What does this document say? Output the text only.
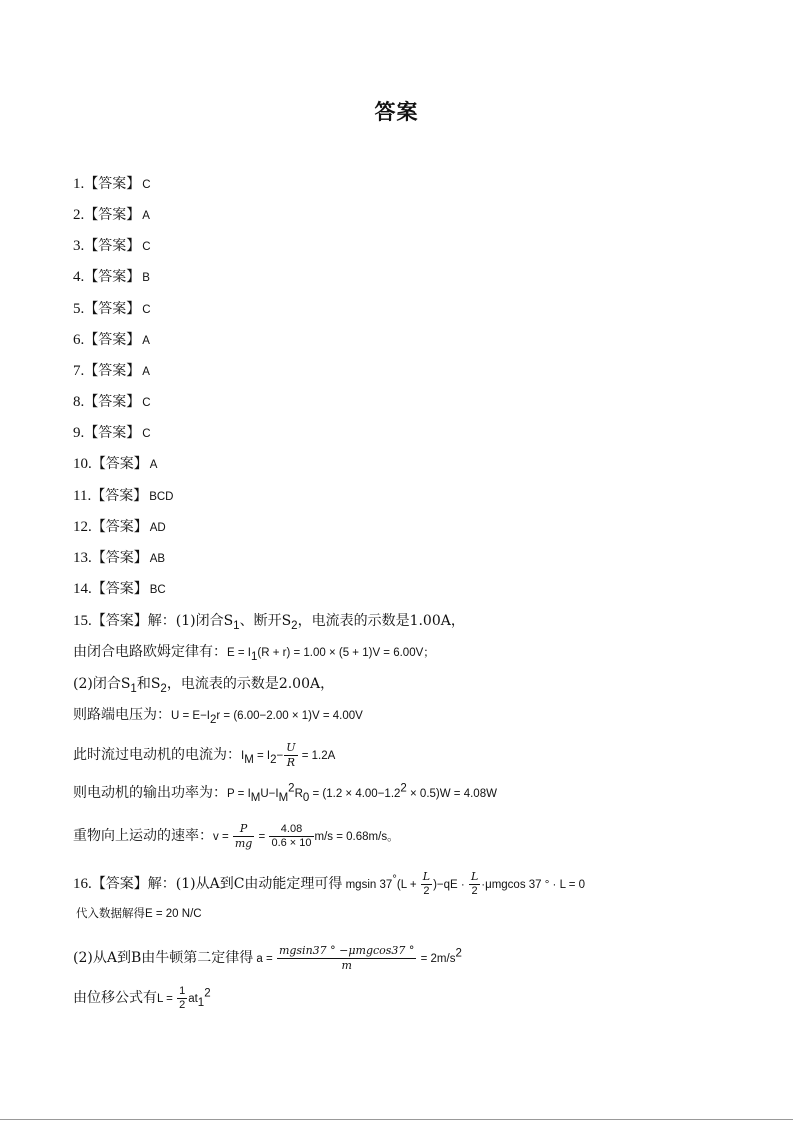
答案
1.【答案】 C
2.【答案】 A
3.【答案】 C
4.【答案】 B
5.【答案】 C
6.【答案】 A
7.【答案】 A
8.【答案】 C
9.【答案】 C
10.【答案】 A
11.【答案】 BCD
12.【答案】 AD
13.【答案】 AB
14.【答案】 BC
15.【答案】解：(1)闭合$S_1$、断开$S_2$，电流表的示数是1.00A，
由闭合电路欧姆定律有：$E = I_1(R + r) = 1.00 \times (5 + 1)V = 6.00V$；
(2)闭合$S_1$和$S_2$，电流表的示数是2.00A，
则路端电压为：$U = E-I_2r = (6.00-2.00 \times 1)V = 4.00V$
此时流过电动机的电流为：$I_M = I_2- \frac{U}{R} = 1.2A$
则电动机的输出功率为：$P = I_MU-I_M^2R_0 = (1.2 \times 4.00-1.2^2 \times 0.5)W = 4.08W$
重物向上运动的速率：$v = \frac{P}{mg} = \frac{4.08}{0.6 \times 10} m/s = 0.68m/s$。
16.【答案】解：(1)从A到C由动能定理可得 mgsin $37^\circ(L + \frac{L}{2} )-qE \cdot \frac{L}{2} \cdot\mu mgcos$ 37 ° · L = 0
代入数据解得E = 20 N/C
(2)从A到B由牛顿第二定律得 $a = \frac{\text{mgsin37 ° −μmgcos37 °}}{m} = 2m/s^2$
由位移公式有$L = \frac{1}{2} at_1^2$
